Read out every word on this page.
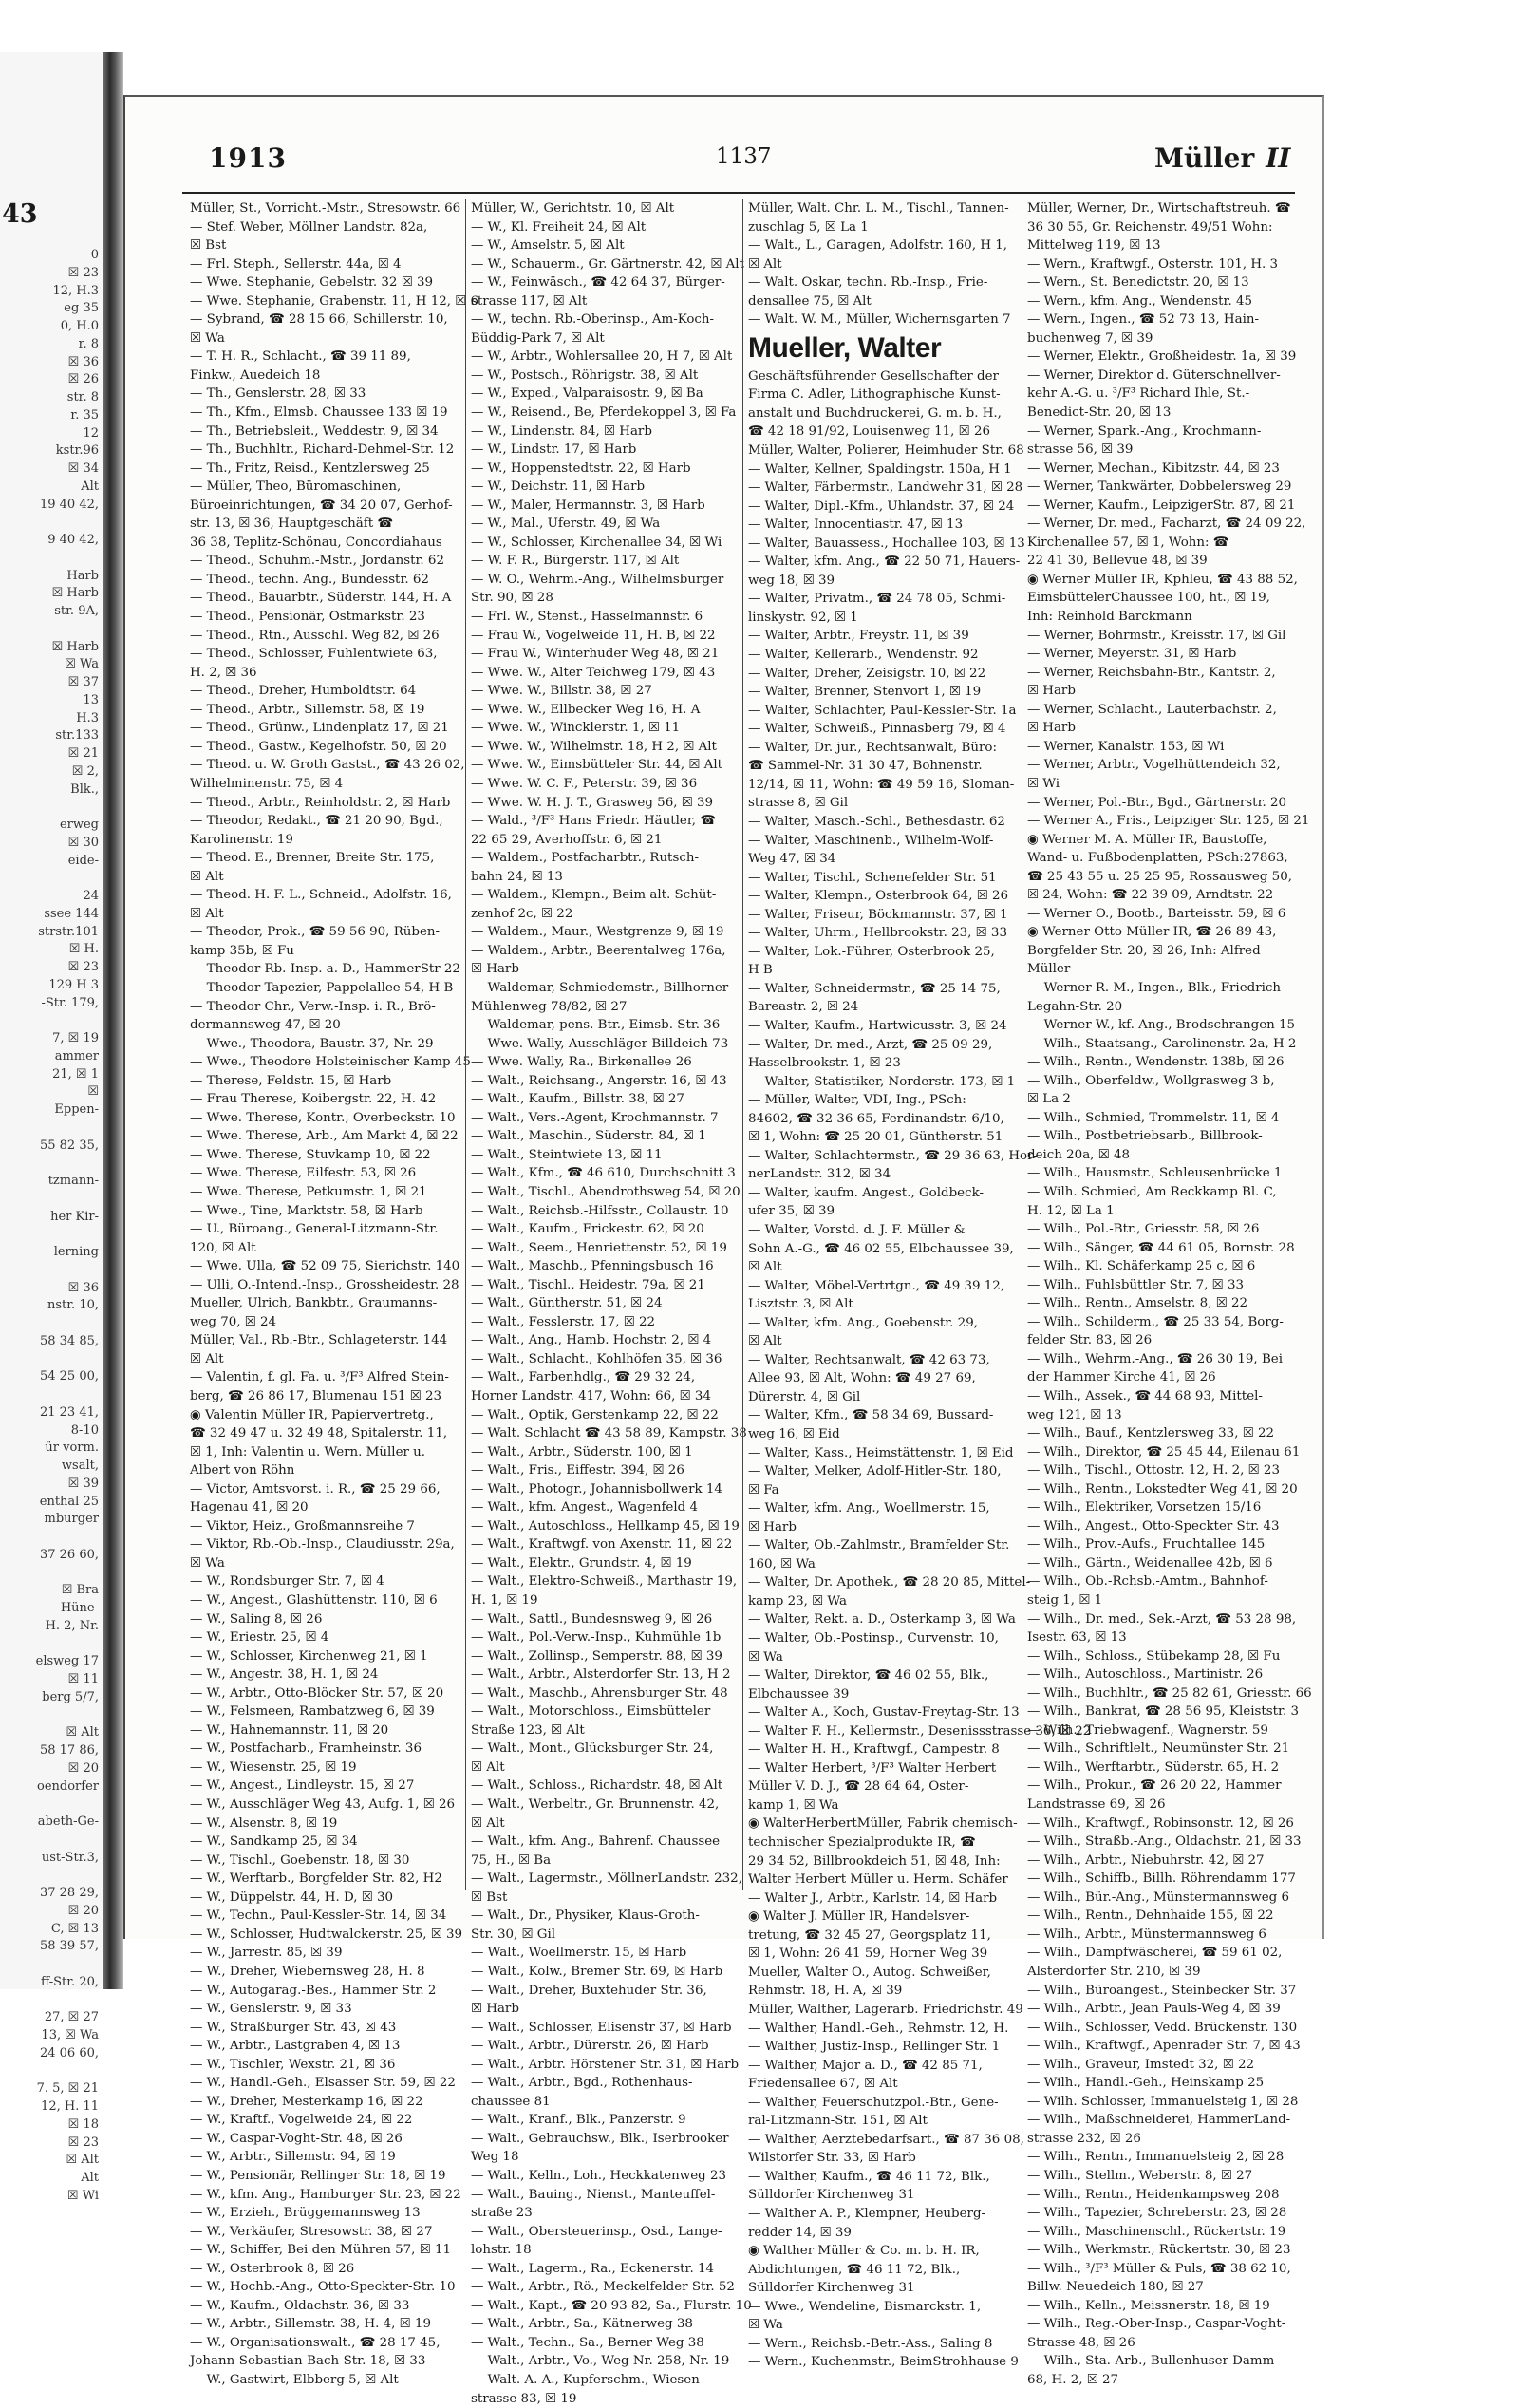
43
0
☒ 23
12, H.3
eg 35
0, H.0
r. 8
☒ 36
☒ 26
str. 8
r. 35
12
kstr.96
☒ 34
Alt
19 40 42,
9 40 42,
Harb
☒ Harb
str. 9A,
☒ Harb
☒ Wa
☒ 37
13
H.3
str.133
☒ 21
☒ 2,
Blk.,
erweg
☒ 30
eide-
24
ssee 144
strstr.101
☒ H.
☒ 23
129 H 3
-Str. 179,
7, ☒ 19
ammer
21, ☒ 1
☒
Eppen-
55 82 35,
tzmann-
her Kir-
lerning
☒ 36
nstr. 10,
58 34 85,
54 25 00,
21 23 41,
8-10
ür vorm.
wsalt,
☒ 39
enthal 25
mburger
37 26 60,
☒ Bra
Hüne-
H. 2, Nr.
elsweg 17
☒ 11
berg 5/7,
☒ Alt
58 17 86,
☒ 20
oendorfer
abeth-Ge-
ust-Str.3,
37 28 29,
☒ 20
C, ☒ 13
58 39 57,
ff-Str. 20,
27, ☒ 27
13, ☒ Wa
24 06 60,
7. 5, ☒ 21
12, H. 11
☒ 18
☒ 23
☒ Alt
Alt
☒ Wi
1913	1137	Müller II
Müller, St., Vorricht.-Mstr., Stresowstr. 66
— Stef. Weber, Möllner Landstr. 82a,
☒ Bst
— Frl. Steph., Sellerstr. 44a, ☒ 4
— Wwe. Stephanie, Gebelstr. 32 ☒ 39
— Wwe. Stephanie, Grabenstr. 11, H 12, ☒ 6
— Sybrand, ☎ 28 15 66, Schillerstr. 10,
☒ Wa
— T. H. R., Schlacht., ☎ 39 11 89,
Finkw., Auedeich 18
— Th., Genslerstr. 28, ☒ 33
— Th., Kfm., Elmsb. Chaussee 133 ☒ 19
— Th., Betriebsleit., Weddestr. 9, ☒ 34
— Th., Buchhltr., Richard-Dehmel-Str. 12
— Th., Fritz, Reisd., Kentzlersweg 25
— Müller, Theo, Büromaschinen,
Büroeinrichtungen, ☎ 34 20 07, Gerhof-
str. 13, ☒ 36, Hauptgeschäft ☎
36 38, Teplitz-Schönau, Concordiahaus
— Theod., Schuhm.-Mstr., Jordanstr. 62
— Theod., techn. Ang., Bundesstr. 62
— Theod., Bauarbtr., Süderstr. 144, H. A
— Theod., Pensionär, Ostmarkstr. 23
— Theod., Rtn., Ausschl. Weg 82, ☒ 26
— Theod., Schlosser, Fuhlentwiete 63,
H. 2, ☒ 36
— Theod., Dreher, Humboldtstr. 64
— Theod., Arbtr., Sillemstr. 58, ☒ 19
— Theod., Grünw., Lindenplatz 17, ☒ 21
— Theod., Gastw., Kegelhofstr. 50, ☒ 20
— Theod. u. W. Groth Gastst., ☎ 43 26 02,
Wilhelminenstr. 75, ☒ 4
— Theod., Arbtr., Reinholdstr. 2, ☒ Harb
— Theodor, Redakt., ☎ 21 20 90, Bgd.,
Karolinenstr. 19
— Theod. E., Brenner, Breite Str. 175,
☒ Alt
— Theod. H. F. L., Schneid., Adolfstr. 16,
☒ Alt
— Theodor, Prok., ☎ 59 56 90, Rüben-
kamp 35b, ☒ Fu
— Theodor Rb.-Insp. a. D., HammerStr 22
— Theodor Tapezier, Pappelallee 54, H B
— Theodor Chr., Verw.-Insp. i. R., Brö-
dermannsweg 47, ☒ 20
— Wwe., Theodora, Baustr. 37, Nr. 29
— Wwe., Theodore Holsteinischer Kamp 45
— Therese, Feldstr. 15, ☒ Harb
— Frau Therese, Koibergstr. 22, H. 42
— Wwe. Therese, Kontr., Overbeckstr. 10
— Wwe. Therese, Arb., Am Markt 4, ☒ 22
— Wwe. Therese, Stuvkamp 10, ☒ 22
— Wwe. Therese, Eilfestr. 53, ☒ 26
— Wwe. Therese, Petkumstr. 1, ☒ 21
— Wwe., Tine, Marktstr. 58, ☒ Harb
— U., Büroang., General-Litzmann-Str.
120, ☒ Alt
— Wwe. Ulla, ☎ 52 09 75, Sierichstr. 140
— Ulli, O.-Intend.-Insp., Grossheidestr. 28
Mueller, Ulrich, Bankbtr., Graumanns-
weg 70, ☒ 24
Müller, Val., Rb.-Btr., Schlageterstr. 144
☒ Alt
— Valentin, f. gl. Fa. u. ³/F³ Alfred Stein-
berg, ☎ 26 86 17, Blumenau 151 ☒ 23
◉ Valentin Müller IR, Papiervertretg.,
☎ 32 49 47 u. 32 49 48, Spitalerstr. 11,
☒ 1, Inh: Valentin u. Wern. Müller u.
Albert von Röhn
— Victor, Amtsvorst. i. R., ☎ 25 29 66,
Hagenau 41, ☒ 20
— Viktor, Heiz., Großmannsreihe 7
— Viktor, Rb.-Ob.-Insp., Claudiusstr. 29a,
☒ Wa
— W., Rondsburger Str. 7, ☒ 4
— W., Angest., Glashüttenstr. 110, ☒ 6
— W., Saling 8, ☒ 26
— W., Eriestr. 25, ☒ 4
— W., Schlosser, Kirchenweg 21, ☒ 1
— W., Angestr. 38, H. 1, ☒ 24
— W., Arbtr., Otto-Blöcker Str. 57, ☒ 20
— W., Felsmeen, Rambatzweg 6, ☒ 39
— W., Hahnemannstr. 11, ☒ 20
— W., Postfacharb., Framheinstr. 36
— W., Wiesenstr. 25, ☒ 19
— W., Angest., Lindleystr. 15, ☒ 27
— W., Ausschläger Weg 43, Aufg. 1, ☒ 26
— W., Alsenstr. 8, ☒ 19
— W., Sandkamp 25, ☒ 34
— W., Tischl., Goebenstr. 18, ☒ 30
— W., Werftarb., Borgfelder Str. 82, H2
— W., Düppelstr. 44, H. D, ☒ 30
— W., Techn., Paul-Kessler-Str. 14, ☒ 34
— W., Schlosser, Hudtwalckerstr. 25, ☒ 39
— W., Jarrestr. 85, ☒ 39
— W., Dreher, Wiebernsweg 28, H. 8
— W., Autogarag.-Bes., Hammer Str. 2
— W., Genslerstr. 9, ☒ 33
— W., Straßburger Str. 43, ☒ 43
— W., Arbtr., Lastgraben 4, ☒ 13
— W., Tischler, Wexstr. 21, ☒ 36
— W., Handl.-Geh., Elsasser Str. 59, ☒ 22
— W., Dreher, Mesterkamp 16, ☒ 22
— W., Kraftf., Vogelweide 24, ☒ 22
— W., Caspar-Voght-Str. 48, ☒ 26
— W., Arbtr., Sillemstr. 94, ☒ 19
— W., Pensionär, Rellinger Str. 18, ☒ 19
— W., kfm. Ang., Hamburger Str. 23, ☒ 22
— W., Erzieh., Brüggemannsweg 13
— W., Verkäufer, Stresowstr. 38, ☒ 27
— W., Schiffer, Bei den Mühren 57, ☒ 11
— W., Osterbrook 8, ☒ 26
— W., Hochb.-Ang., Otto-Speckter-Str. 10
— W., Kaufm., Oldachstr. 36, ☒ 33
— W., Arbtr., Sillemstr. 38, H. 4, ☒ 19
— W., Organisationswalt., ☎ 28 17 45,
Johann-Sebastian-Bach-Str. 18, ☒ 33
— W., Gastwirt, Elbberg 5, ☒ Alt
Müller, W., Gerichtstr. 10, ☒ Alt
— W., Kl. Freiheit 24, ☒ Alt
— W., Amselstr. 5, ☒ Alt
— W., Schauerm., Gr. Gärtnerstr. 42, ☒ Alt
— W., Feinwäsch., ☎ 42 64 37, Bürger-
strasse 117, ☒ Alt
— W., techn. Rb.-Oberinsp., Am-Koch-
Büddig-Park 7, ☒ Alt
— W., Arbtr., Wohlersallee 20, H 7, ☒ Alt
— W., Postsch., Röhrigstr. 38, ☒ Alt
— W., Exped., Valparaisostr. 9, ☒ Ba
— W., Reisend., Be, Pferdekoppel 3, ☒ Fa
— W., Lindenstr. 84, ☒ Harb
— W., Lindstr. 17, ☒ Harb
— W., Hoppenstedtstr. 22, ☒ Harb
— W., Deichstr. 11, ☒ Harb
— W., Maler, Hermannstr. 3, ☒ Harb
— W., Mal., Uferstr. 49, ☒ Wa
— W., Schlosser, Kirchenallee 34, ☒ Wi
— W. F. R., Bürgerstr. 117, ☒ Alt
— W. O., Wehrm.-Ang., Wilhelmsburger
Str. 90, ☒ 28
— Frl. W., Stenst., Hasselmannstr. 6
— Frau W., Vogelweide 11, H. B, ☒ 22
— Frau W., Winterhuder Weg 48, ☒ 21
— Wwe. W., Alter Teichweg 179, ☒ 43
— Wwe. W., Billstr. 38, ☒ 27
— Wwe. W., Ellbecker Weg 16, H. A
— Wwe. W., Wincklerstr. 1, ☒ 11
— Wwe. W., Wilhelmstr. 18, H 2, ☒ Alt
— Wwe. W., Eimsbütteler Str. 44, ☒ Alt
— Wwe. W. C. F., Peterstr. 39, ☒ 36
— Wwe. W. H. J. T., Grasweg 56, ☒ 39
— Wald., ³/F³ Hans Friedr. Häutler, ☎
22 65 29, Averhoffstr. 6, ☒ 21
— Waldem., Postfacharbtr., Rutsch-
bahn 24, ☒ 13
— Waldem., Klempn., Beim alt. Schüt-
zenhof 2c, ☒ 22
— Waldem., Maur., Westgrenze 9, ☒ 19
— Waldem., Arbtr., Beerentalweg 176a,
☒ Harb
— Waldemar, Schmiedemstr., Billhorner
Mühlenweg 78/82, ☒ 27
— Waldemar, pens. Btr., Eimsb. Str. 36
— Wwe. Wally, Ausschläger Billdeich 73
— Wwe. Wally, Ra., Birkenallee 26
— Walt., Reichsang., Angerstr. 16, ☒ 43
— Walt., Kaufm., Billstr. 38, ☒ 27
— Walt., Vers.-Agent, Krochmannstr. 7
— Walt., Maschin., Süderstr. 84, ☒ 1
— Walt., Steintwiete 13, ☒ 11
— Walt., Kfm., ☎ 46 610, Durchschnitt 3
— Walt., Tischl., Abendrothsweg 54, ☒ 20
— Walt., Reichsb.-Hilfsstr., Collaustr. 10
— Walt., Kaufm., Frickestr. 62, ☒ 20
— Walt., Seem., Henriettenstr. 52, ☒ 19
— Walt., Maschb., Pfenningsbusch 16
— Walt., Tischl., Heidestr. 79a, ☒ 21
— Walt., Güntherstr. 51, ☒ 24
— Walt., Fesslerstr. 17, ☒ 22
— Walt., Ang., Hamb. Hochstr. 2, ☒ 4
— Walt., Schlacht., Kohlhöfen 35, ☒ 36
— Walt., Farbenhdlg., ☎ 29 32 24,
Horner Landstr. 417, Wohn: 66, ☒ 34
— Walt., Optik, Gerstenkamp 22, ☒ 22
— Walt. Schlacht ☎ 43 58 89, Kampstr. 38
— Walt., Arbtr., Süderstr. 100, ☒ 1
— Walt., Fris., Eiffestr. 394, ☒ 26
— Walt., Photogr., Johannisbollwerk 14
— Walt., kfm. Angest., Wagenfeld 4
— Walt., Autoschloss., Hellkamp 45, ☒ 19
— Walt., Kraftwgf. von Axenstr. 11, ☒ 22
— Walt., Elektr., Grundstr. 4, ☒ 19
— Walt., Elektro-Schweiß., Marthastr 19,
H. 1, ☒ 19
— Walt., Sattl., Bundesnsweg 9, ☒ 26
— Walt., Pol.-Verw.-Insp., Kuhmühle 1b
— Walt., Zollinsp., Semperstr. 88, ☒ 39
— Walt., Arbtr., Alsterdorfer Str. 13, H 2
— Walt., Maschb., Ahrensburger Str. 48
— Walt., Motorschloss., Eimsbütteler
Straße 123, ☒ Alt
— Walt., Mont., Glücksburger Str. 24,
☒ Alt
— Walt., Schloss., Richardstr. 48, ☒ Alt
— Walt., Werbeltr., Gr. Brunnenstr. 42,
☒ Alt
— Walt., kfm. Ang., Bahrenf. Chaussee
75, H., ☒ Ba
— Walt., Lagermstr., MöllnerLandstr. 232,
☒ Bst
— Walt., Dr., Physiker, Klaus-Groth-
Str. 30, ☒ Gil
— Walt., Woellmerstr. 15, ☒ Harb
— Walt., Kolw., Bremer Str. 69, ☒ Harb
— Walt., Dreher, Buxtehuder Str. 36,
☒ Harb
— Walt., Schlosser, Elisenstr 37, ☒ Harb
— Walt., Arbtr., Dürerstr. 26, ☒ Harb
— Walt., Arbtr. Hörstener Str. 31, ☒ Harb
— Walt., Arbtr., Bgd., Rothenhaus-
chaussee 81
— Walt., Kranf., Blk., Panzerstr. 9
— Walt., Gebrauchsw., Blk., Iserbrooker
Weg 18
— Walt., Kelln., Loh., Heckkatenweg 23
— Walt., Bauing., Nienst., Manteuffel-
straße 23
— Walt., Obersteuerinsp., Osd., Lange-
lohstr. 18
— Walt., Lagerm., Ra., Eckenerstr. 14
— Walt., Arbtr., Rö., Meckelfelder Str. 52
— Walt., Kapt., ☎ 20 93 82, Sa., Flurstr. 10
— Walt., Arbtr., Sa., Kätnerweg 38
— Walt., Techn., Sa., Berner Weg 38
— Walt., Arbtr., Vo., Weg Nr. 258, Nr. 19
— Walt. A. A., Kupferschm., Wiesen-
strasse 83, ☒ 19
Müller, Walt. Chr. L. M., Tischl., Tannen-
zuschlag 5, ☒ La 1
— Walt., L., Garagen, Adolfstr. 160, H 1,
☒ Alt
— Walt. Oskar, techn. Rb.-Insp., Frie-
densallee 75, ☒ Alt
— Walt. W. M., Müller, Wichernsgarten 7
Mueller, Walter
Geschäftsführender Gesellschafter der
Firma C. Adler, Lithographische Kunst-
anstalt und Buchdruckerei, G. m. b. H.,
☎ 42 18 91/92, Louisenweg 11, ☒ 26
Müller, Walter, Polierer, Heimhuder Str. 68
— Walter, Kellner, Spaldingstr. 150a, H 1
— Walter, Färbermstr., Landwehr 31, ☒ 28
— Walter, Dipl.-Kfm., Uhlandstr. 37, ☒ 24
— Walter, Innocentiastr. 47, ☒ 13
— Walter, Bauassess., Hochallee 103, ☒ 13
— Walter, kfm. Ang., ☎ 22 50 71, Hauers-
weg 18, ☒ 39
— Walter, Privatm., ☎ 24 78 05, Schmi-
linskystr. 92, ☒ 1
— Walter, Arbtr., Freystr. 11, ☒ 39
— Walter, Kellerarb., Wendenstr. 92
— Walter, Dreher, Zeisigstr. 10, ☒ 22
— Walter, Brenner, Stenvort 1, ☒ 19
— Walter, Schlachter, Paul-Kessler-Str. 1a
— Walter, Schweiß., Pinnasberg 79, ☒ 4
— Walter, Dr. jur., Rechtsanwalt, Büro:
☎ Sammel-Nr. 31 30 47, Bohnenstr.
12/14, ☒ 11, Wohn: ☎ 49 59 16, Sloman-
strasse 8, ☒ Gil
— Walter, Masch.-Schl., Bethesdastr. 62
— Walter, Maschinenb., Wilhelm-Wolf-
Weg 47, ☒ 34
— Walter, Tischl., Schenefelder Str. 51
— Walter, Klempn., Osterbrook 64, ☒ 26
— Walter, Friseur, Böckmannstr. 37, ☒ 1
— Walter, Uhrm., Hellbrookstr. 23, ☒ 33
— Walter, Lok.-Führer, Osterbrook 25,
H B
— Walter, Schneidermstr., ☎ 25 14 75,
Bareastr. 2, ☒ 24
— Walter, Kaufm., Hartwicusstr. 3, ☒ 24
— Walter, Dr. med., Arzt, ☎ 25 09 29,
Hasselbrookstr. 1, ☒ 23
— Walter, Statistiker, Norderstr. 173, ☒ 1
— Müller, Walter, VDI, Ing., PSch:
84602, ☎ 32 36 65, Ferdinandstr. 6/10,
☒ 1, Wohn: ☎ 25 20 01, Güntherstr. 51
— Walter, Schlachtermstr., ☎ 29 36 63, Hor-
nerLandstr. 312, ☒ 34
— Walter, kaufm. Angest., Goldbeck-
ufer 35, ☒ 39
— Walter, Vorstd. d. J. F. Müller &
Sohn A.-G., ☎ 46 02 55, Elbchaussee 39,
☒ Alt
— Walter, Möbel-Vertrtgn., ☎ 49 39 12,
Lisztstr. 3, ☒ Alt
— Walter, kfm. Ang., Goebenstr. 29,
☒ Alt
— Walter, Rechtsanwalt, ☎ 42 63 73,
Allee 93, ☒ Alt, Wohn: ☎ 49 27 69,
Dürerstr. 4, ☒ Gil
— Walter, Kfm., ☎ 58 34 69, Bussard-
weg 16, ☒ Eid
— Walter, Kass., Heimstättenstr. 1, ☒ Eid
— Walter, Melker, Adolf-Hitler-Str. 180,
☒ Fa
— Walter, kfm. Ang., Woellmerstr. 15,
☒ Harb
— Walter, Ob.-Zahlmstr., Bramfelder Str.
160, ☒ Wa
— Walter, Dr. Apothek., ☎ 28 20 85, Mittel-
kamp 23, ☒ Wa
— Walter, Rekt. a. D., Osterkamp 3, ☒ Wa
— Walter, Ob.-Postinsp., Curvenstr. 10,
☒ Wa
— Walter, Direktor, ☎ 46 02 55, Blk.,
Elbchaussee 39
— Walter A., Koch, Gustav-Freytag-Str. 13
— Walter F. H., Kellermstr., Desenissstrasse 36, ☒ 22
— Walter H. H., Kraftwgf., Campestr. 8
— Walter Herbert, ³/F³ Walter Herbert
Müller V. D. J., ☎ 28 64 64, Oster-
kamp 1, ☒ Wa
◉ WalterHerbertMüller, Fabrik chemisch-
technischer Spezialprodukte IR, ☎
29 34 52, Billbrookdeich 51, ☒ 48, Inh:
Walter Herbert Müller u. Herm. Schäfer
— Walter J., Arbtr., Karlstr. 14, ☒ Harb
◉ Walter J. Müller IR, Handelsver-
tretung, ☎ 32 45 27, Georgsplatz 11,
☒ 1, Wohn: 26 41 59, Horner Weg 39
Mueller, Walter O., Autog. Schweißer,
Rehmstr. 18, H. A, ☒ 39
Müller, Walther, Lagerarb. Friedrichstr. 49
— Walther, Handl.-Geh., Rehmstr. 12, H.
— Walther, Justiz-Insp., Rellinger Str. 1
— Walther, Major a. D., ☎ 42 85 71,
Friedensallee 67, ☒ Alt
— Walther, Feuerschutzpol.-Btr., Gene-
ral-Litzmann-Str. 151, ☒ Alt
— Walther, Aerztebedarfsart., ☎ 87 36 08,
Wilstorfer Str. 33, ☒ Harb
— Walther, Kaufm., ☎ 46 11 72, Blk.,
Sülldorfer Kirchenweg 31
— Walther A. P., Klempner, Heuberg-
redder 14, ☒ 39
◉ Walther Müller & Co. m. b. H. IR,
Abdichtungen, ☎ 46 11 72, Blk.,
Sülldorfer Kirchenweg 31
— Wwe., Wendeline, Bismarckstr. 1,
☒ Wa
— Wern., Reichsb.-Betr.-Ass., Saling 8
— Wern., Kuchenmstr., BeimStrohhause 9
Müller, Werner, Dr., Wirtschaftstreuh. ☎
36 30 55, Gr. Reichenstr. 49/51 Wohn:
Mittelweg 119, ☒ 13
— Wern., Kraftwgf., Osterstr. 101, H. 3
— Wern., St. Benedictstr. 20, ☒ 13
— Wern., kfm. Ang., Wendenstr. 45
— Wern., Ingen., ☎ 52 73 13, Hain-
buchenweg 7, ☒ 39
— Werner, Elektr., Großheidestr. 1a, ☒ 39
— Werner, Direktor d. Güterschnellver-
kehr A.-G. u. ³/F³ Richard Ihle, St.-
Benedict-Str. 20, ☒ 13
— Werner, Spark.-Ang., Krochmann-
strasse 56, ☒ 39
— Werner, Mechan., Kibitzstr. 44, ☒ 23
— Werner, Tankwärter, Dobbelersweg 29
— Werner, Kaufm., LeipzigerStr. 87, ☒ 21
— Werner, Dr. med., Facharzt, ☎ 24 09 22,
Kirchenallee 57, ☒ 1, Wohn: ☎
22 41 30, Bellevue 48, ☒ 39
◉ Werner Müller IR, Kphleu, ☎ 43 88 52,
EimsbüttelerChaussee 100, ht., ☒ 19,
Inh: Reinhold Barckmann
— Werner, Bohrmstr., Kreisstr. 17, ☒ Gil
— Werner, Meyerstr. 31, ☒ Harb
— Werner, Reichsbahn-Btr., Kantstr. 2,
☒ Harb
— Werner, Schlacht., Lauterbachstr. 2,
☒ Harb
— Werner, Kanalstr. 153, ☒ Wi
— Werner, Arbtr., Vogelhüttendeich 32,
☒ Wi
— Werner, Pol.-Btr., Bgd., Gärtnerstr. 20
— Werner A., Fris., Leipziger Str. 125, ☒ 21
◉ Werner M. A. Müller IR, Baustoffe,
Wand- u. Fußbodenplatten, PSch:27863,
☎ 25 43 55 u. 25 25 95, Rossausweg 50,
☒ 24, Wohn: ☎ 22 39 09, Arndtstr. 22
— Werner O., Bootb., Barteisstr. 59, ☒ 6
◉ Werner Otto Müller IR, ☎ 26 89 43,
Borgfelder Str. 20, ☒ 26, Inh: Alfred
Müller
— Werner R. M., Ingen., Blk., Friedrich-
Legahn-Str. 20
— Werner W., kf. Ang., Brodschrangen 15
— Wilh., Staatsang., Carolinenstr. 2a, H 2
— Wilh., Rentn., Wendenstr. 138b, ☒ 26
— Wilh., Oberfeldw., Wollgrasweg 3 b,
☒ La 2
— Wilh., Schmied, Trommelstr. 11, ☒ 4
— Wilh., Postbetriebsarb., Billbrook-
deich 20a, ☒ 48
— Wilh., Hausmstr., Schleusenbrücke 1
— Wilh. Schmied, Am Reckkamp Bl. C,
H. 12, ☒ La 1
— Wilh., Pol.-Btr., Griesstr. 58, ☒ 26
— Wilh., Sänger, ☎ 44 61 05, Bornstr. 28
— Wilh., Kl. Schäferkamp 25 c, ☒ 6
— Wilh., Fuhlsbüttler Str. 7, ☒ 33
— Wilh., Rentn., Amselstr. 8, ☒ 22
— Wilh., Schilderm., ☎ 25 33 54, Borg-
felder Str. 83, ☒ 26
— Wilh., Wehrm.-Ang., ☎ 26 30 19, Bei
der Hammer Kirche 41, ☒ 26
— Wilh., Assek., ☎ 44 68 93, Mittel-
weg 121, ☒ 13
— Wilh., Bauf., Kentzlersweg 33, ☒ 22
— Wilh., Direktor, ☎ 25 45 44, Eilenau 61
— Wilh., Tischl., Ottostr. 12, H. 2, ☒ 23
— Wilh., Rentn., Lokstedter Weg 41, ☒ 20
— Wilh., Elektriker, Vorsetzen 15/16
— Wilh., Angest., Otto-Speckter Str. 43
— Wilh., Prov.-Aufs., Fruchtallee 145
— Wilh., Gärtn., Weidenallee 42b, ☒ 6
— Wilh., Ob.-Rchsb.-Amtm., Bahnhof-
steig 1, ☒ 1
— Wilh., Dr. med., Sek.-Arzt, ☎ 53 28 98,
Isestr. 63, ☒ 13
— Wilh., Schloss., Stübekamp 28, ☒ Fu
— Wilh., Autoschloss., Martinistr. 26
— Wilh., Buchhltr., ☎ 25 82 61, Griesstr. 66
— Wilh., Bankrat, ☎ 28 56 95, Kleiststr. 3
— Wilh., Triebwagenf., Wagnerstr. 59
— Wilh., Schriftlelt., Neumünster Str. 21
— Wilh., Werftarbtr., Süderstr. 65, H. 2
— Wilh., Prokur., ☎ 26 20 22, Hammer
Landstrasse 69, ☒ 26
— Wilh., Kraftwgf., Robinsonstr. 12, ☒ 26
— Wilh., Straßb.-Ang., Oldachstr. 21, ☒ 33
— Wilh., Arbtr., Niebuhrstr. 42, ☒ 27
— Wilh., Schiffb., Billh. Röhrendamm 177
— Wilh., Bür.-Ang., Münstermannsweg 6
— Wilh., Rentn., Dehnhaide 155, ☒ 22
— Wilh., Arbtr., Münstermannsweg 6
— Wilh., Dampfwäscherei, ☎ 59 61 02,
Alsterdorfer Str. 210, ☒ 39
— Wilh., Büroangest., Steinbecker Str. 37
— Wilh., Arbtr., Jean Pauls-Weg 4, ☒ 39
— Wilh., Schlosser, Vedd. Brückenstr. 130
— Wilh., Kraftwgf., Apenrader Str. 7, ☒ 43
— Wilh., Graveur, Imstedt 32, ☒ 22
— Wilh., Handl.-Geh., Heinskamp 25
— Wilh. Schlosser, Immanuelsteig 1, ☒ 28
— Wilh., Maßschneiderei, HammerLand-
strasse 232, ☒ 26
— Wilh., Rentn., Immanuelsteig 2, ☒ 28
— Wilh., Stellm., Weberstr. 8, ☒ 27
— Wilh., Rentn., Heidenkampsweg 208
— Wilh., Tapezier, Schreberstr. 23, ☒ 28
— Wilh., Maschinenschl., Rückertstr. 19
— Wilh., Werkmstr., Rückertstr. 30, ☒ 23
— Wilh., ³/F³ Müller & Puls, ☎ 38 62 10,
Billw. Neuedeich 180, ☒ 27
— Wilh., Kelln., Meissnerstr. 18, ☒ 19
— Wilh., Reg.-Ober-Insp., Caspar-Voght-
Strasse 48, ☒ 26
— Wilh., Sta.-Arb., Bullenhuser Damm
68, H. 2, ☒ 27
